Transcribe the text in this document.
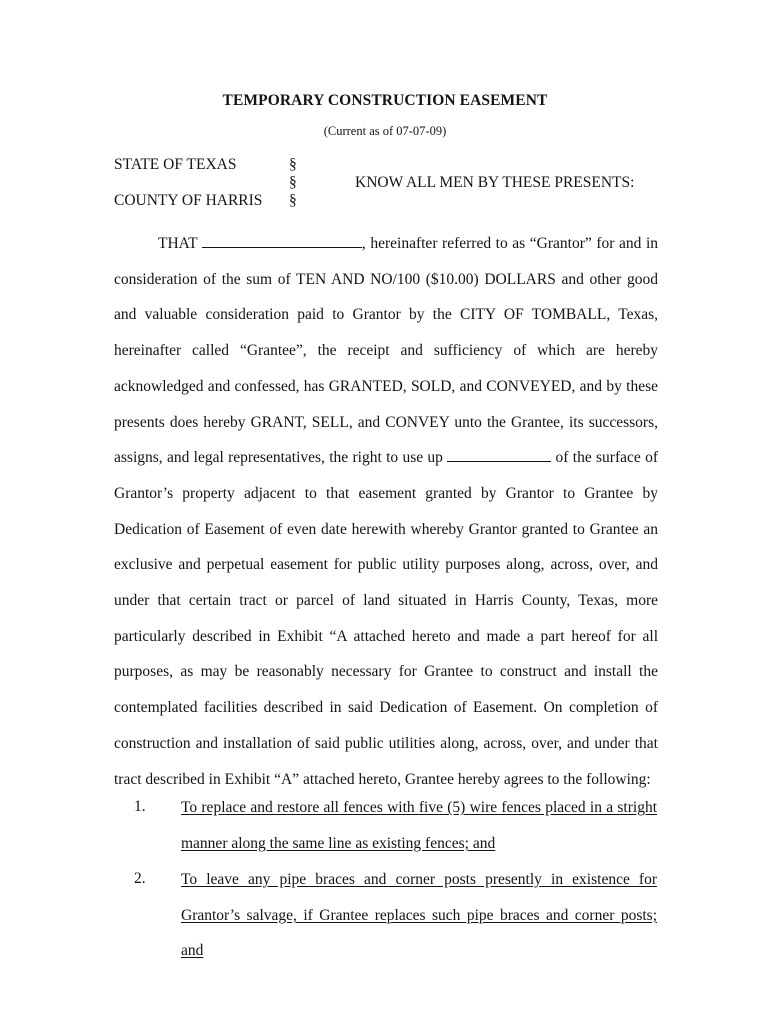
TEMPORARY CONSTRUCTION EASEMENT
(Current as of 07-07-09)
STATE OF TEXAS
COUNTY OF HARRIS
§
§
§
KNOW ALL MEN BY THESE PRESENTS:
THAT	, hereinafter referred to as “Grantor” for and in consideration of the sum of TEN AND NO/100 ($10.00) DOLLARS and other good and valuable consideration paid to Grantor by the CITY OF TOMBALL, Texas, hereinafter called “Grantee”, the receipt and sufficiency of which are hereby acknowledged and confessed, has GRANTED, SOLD, and CONVEYED, and by these presents does hereby GRANT, SELL, and CONVEY unto the Grantee, its successors, assigns, and legal representatives, the right to use up	of the surface of Grantor’s property adjacent to that easement granted by Grantor to Grantee by Dedication of Easement of even date herewith whereby Grantor granted to Grantee an exclusive and perpetual easement for public utility purposes along, across, over, and under that certain tract or parcel of land situated in Harris County, Texas, more particularly described in Exhibit “A attached hereto and made a part hereof for all purposes, as may be reasonably necessary for Grantee to construct and install the contemplated facilities described in said Dedication of Easement. On completion of construction and installation of said public utilities along, across, over, and under that tract described in Exhibit “A” attached hereto, Grantee hereby agrees to the following:
1. To replace and restore all fences with five (5) wire fences placed in a stright manner along the same line as existing fences; and
2. To leave any pipe braces and corner posts presently in existence for Grantor’s salvage, if Grantee replaces such pipe braces and corner posts; and
